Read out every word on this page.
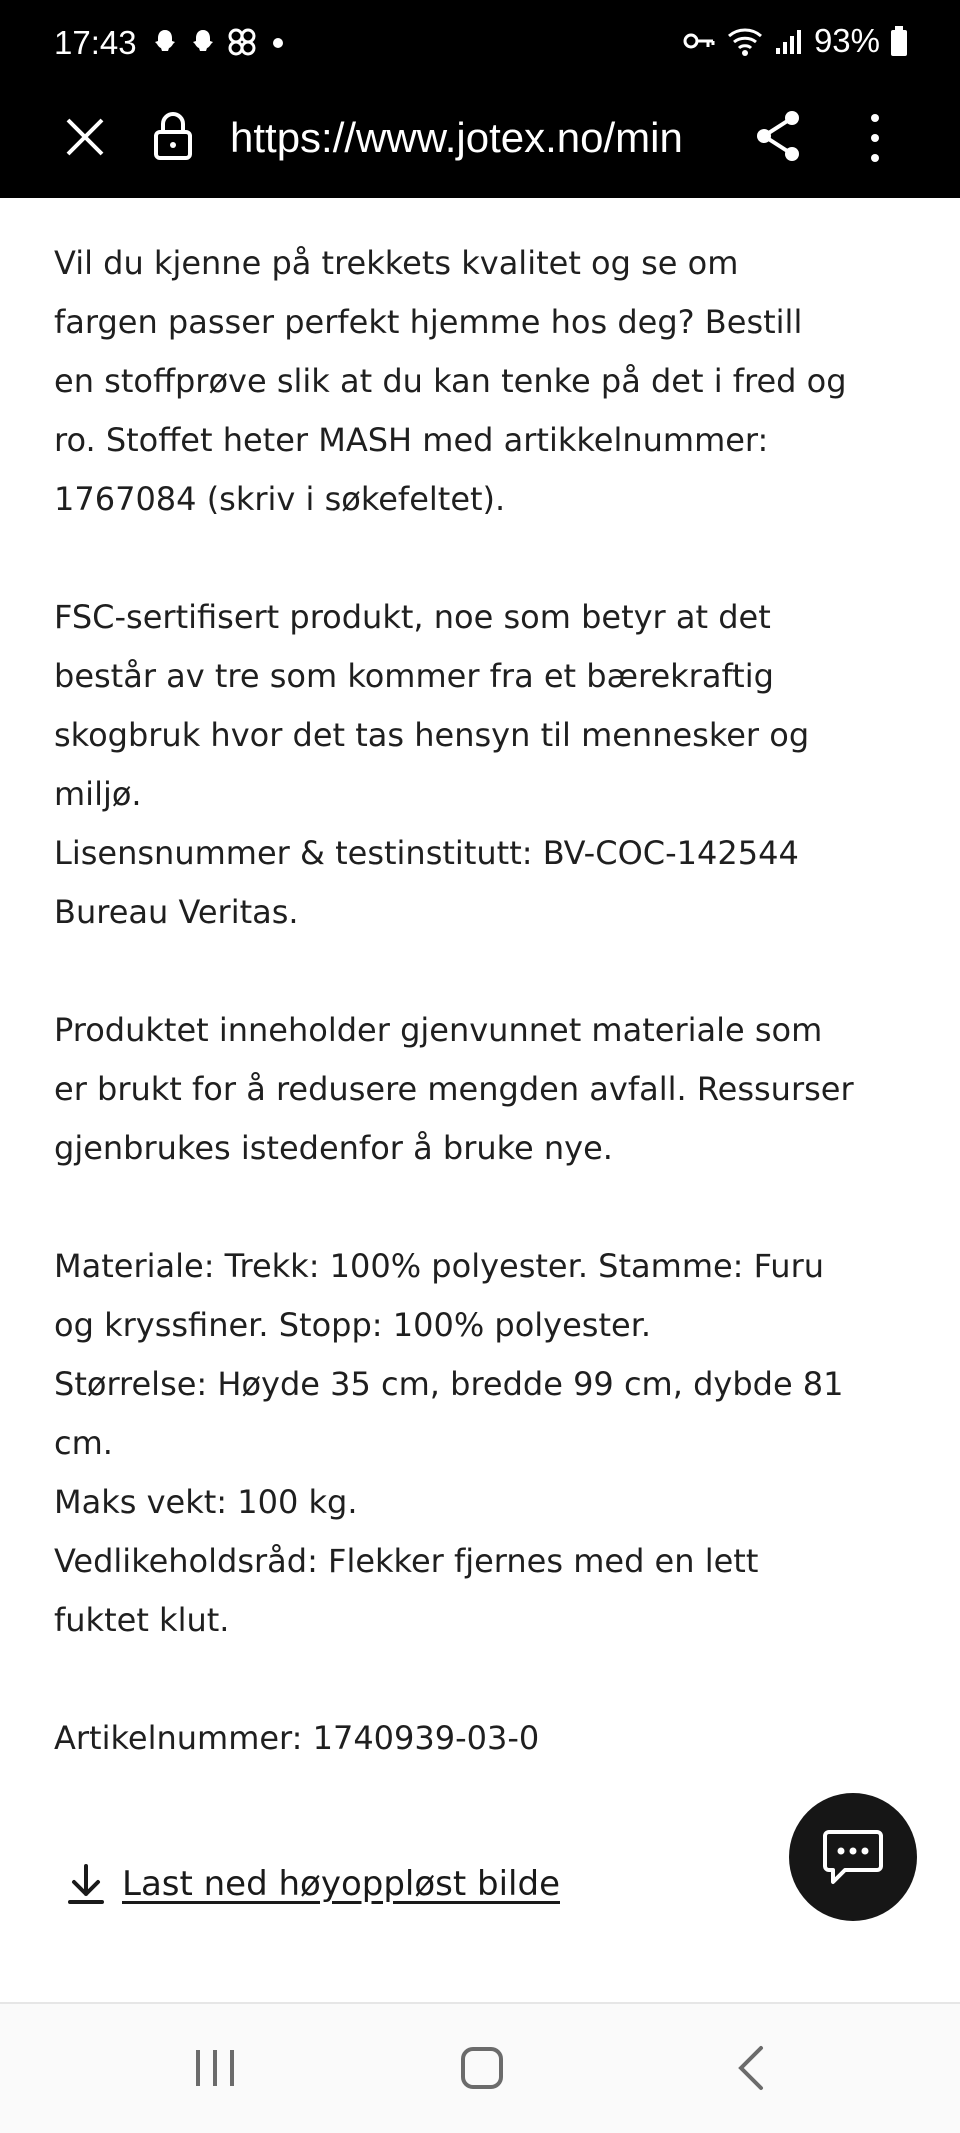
17:43	93%
https://www.jotex.no/min
Vil du kjenne på trekkets kvalitet og se om
fargen passer perfekt hjemme hos deg? Bestill
en stoffprøve slik at du kan tenke på det i fred og
ro. Stoffet heter MASH med artikkelnummer:
1767084 (skriv i søkefeltet).
FSC-sertifisert produkt, noe som betyr at det
består av tre som kommer fra et bærekraftig
skogbruk hvor det tas hensyn til mennesker og
miljø.
Lisensnummer & testinstitutt: BV-COC-142544
Bureau Veritas.
Produktet inneholder gjenvunnet materiale som
er brukt for å redusere mengden avfall. Ressurser
gjenbrukes istedenfor å bruke nye.
Materiale: Trekk: 100% polyester. Stamme: Furu
og kryssfiner. Stopp: 100% polyester.
Størrelse: Høyde 35 cm, bredde 99 cm, dybde 81
cm.
Maks vekt: 100 kg.
Vedlikeholdsråd: Flekker fjernes med en lett
fuktet klut.
Artikelnummer: 1740939-03-0
Last ned høyoppløst bilde
